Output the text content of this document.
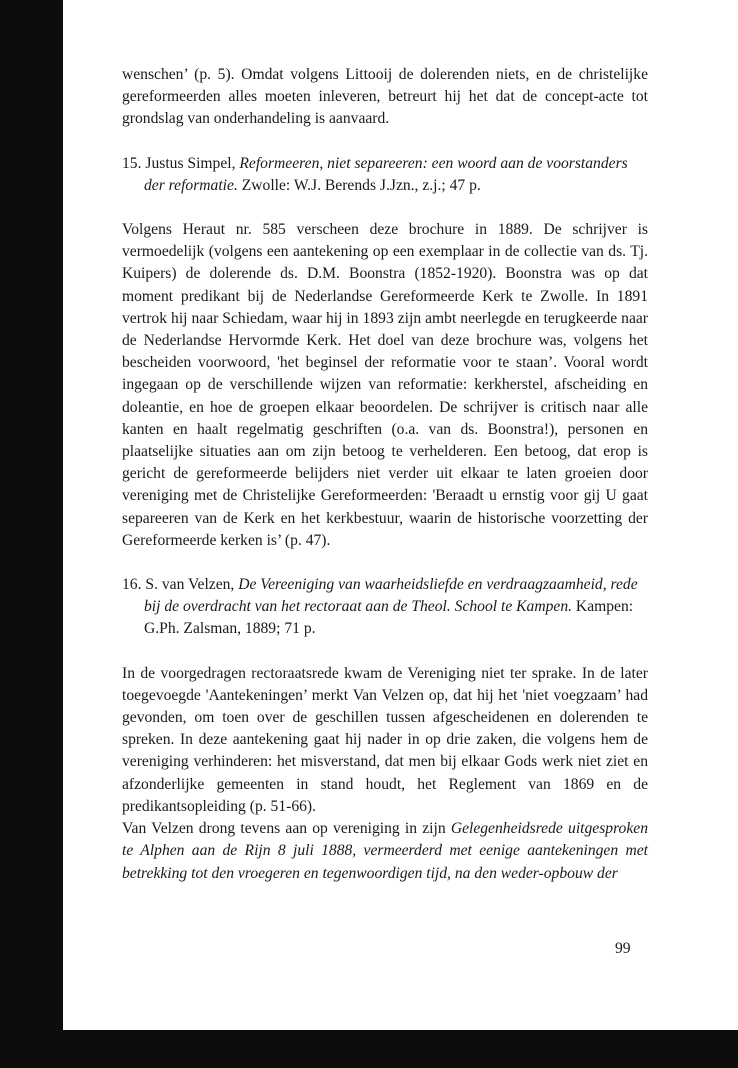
wenschen’ (p. 5). Omdat volgens Littooij de dolerenden niets, en de christelijke gereformeerden alles moeten inleveren, betreurt hij het dat de concept-acte tot grondslag van onderhandeling is aanvaard.

15. Justus Simpel, Reformeeren, niet separeeren: een woord aan de voorstanders der reformatie. Zwolle: W.J. Berends J.Jzn., z.j.; 47 p.

Volgens Heraut nr. 585 verscheen deze brochure in 1889. De schrijver is vermoedelijk (volgens een aantekening op een exemplaar in de collectie van ds. Tj. Kuipers) de dolerende ds. D.M. Boonstra (1852-1920). Boonstra was op dat moment predikant bij de Nederlandse Gereformeerde Kerk te Zwolle. In 1891 vertrok hij naar Schiedam, waar hij in 1893 zijn ambt neerlegde en terugkeerde naar de Nederlandse Hervormde Kerk. Het doel van deze brochure was, volgens het bescheiden voorwoord, 'het beginsel der reformatie voor te staan’. Vooral wordt ingegaan op de verschillende wijzen van reformatie: kerkherstel, afscheiding en doleantie, en hoe de groepen elkaar beoordelen. De schrijver is critisch naar alle kanten en haalt regelmatig geschriften (o.a. van ds. Boonstra!), personen en plaatselijke situaties aan om zijn betoog te verhelderen. Een betoog, dat erop is gericht de gereformeerde belijders niet verder uit elkaar te laten groeien door vereniging met de Christelijke Gereformeerden: 'Beraadt u ernstig voor gij U gaat separeeren van de Kerk en het kerkbestuur, waarin de historische voorzetting der Gereformeerde kerken is’ (p. 47).

16. S. van Velzen, De Vereeniging van waarheidsliefde en verdraagzaamheid, rede bij de overdracht van het rectoraat aan de Theol. School te Kampen. Kampen: G.Ph. Zalsman, 1889; 71 p.

In de voorgedragen rectoraatsrede kwam de Vereniging niet ter sprake. In de later toegevoegde 'Aantekeningen’ merkt Van Velzen op, dat hij het 'niet voegzaam’ had gevonden, om toen over de geschillen tussen afgescheidenen en dolerenden te spreken. In deze aantekening gaat hij nader in op drie zaken, die volgens hem de vereniging verhinderen: het misverstand, dat men bij elkaar Gods werk niet ziet en afzonderlijke gemeenten in stand houdt, het Reglement van 1869 en de predikantsopleiding (p. 51-66).

Van Velzen drong tevens aan op vereniging in zijn Gelegenheidsrede uitgesproken te Alphen aan de Rijn 8 juli 1888, vermeerderd met eenige aantekeningen met betrekking tot den vroegeren en tegenwoordigen tijd, na den weder-opbouw der

99
